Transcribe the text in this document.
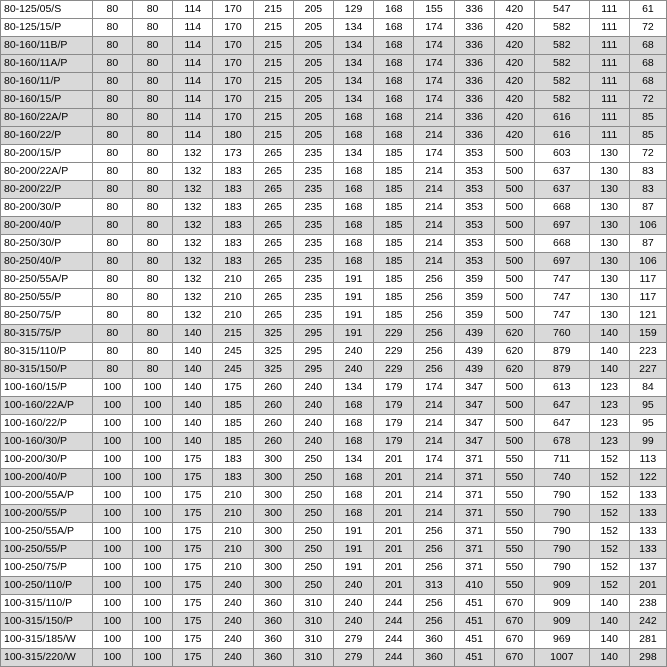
80-125/05/S	80	80	114	170	215	205	129	168	155	336	420	547	111	61
80-125/15/P	80	80	114	170	215	205	134	168	174	336	420	582	111	72
80-160/11B/P	80	80	114	170	215	205	134	168	174	336	420	582	111	68
80-160/11A/P	80	80	114	170	215	205	134	168	174	336	420	582	111	68
80-160/11/P	80	80	114	170	215	205	134	168	174	336	420	582	111	68
80-160/15/P	80	80	114	170	215	205	134	168	174	336	420	582	111	72
80-160/22A/P	80	80	114	170	215	205	168	168	214	336	420	616	111	85
80-160/22/P	80	80	114	180	215	205	168	168	214	336	420	616	111	85
80-200/15/P	80	80	132	173	265	235	134	185	174	353	500	603	130	72
80-200/22A/P	80	80	132	183	265	235	168	185	214	353	500	637	130	83
80-200/22/P	80	80	132	183	265	235	168	185	214	353	500	637	130	83
80-200/30/P	80	80	132	183	265	235	168	185	214	353	500	668	130	87
80-200/40/P	80	80	132	183	265	235	168	185	214	353	500	697	130	106
80-250/30/P	80	80	132	183	265	235	168	185	214	353	500	668	130	87
80-250/40/P	80	80	132	183	265	235	168	185	214	353	500	697	130	106
80-250/55A/P	80	80	132	210	265	235	191	185	256	359	500	747	130	117
80-250/55/P	80	80	132	210	265	235	191	185	256	359	500	747	130	117
80-250/75/P	80	80	132	210	265	235	191	185	256	359	500	747	130	121
80-315/75/P	80	80	140	215	325	295	191	229	256	439	620	760	140	159
80-315/110/P	80	80	140	245	325	295	240	229	256	439	620	879	140	223
80-315/150/P	80	80	140	245	325	295	240	229	256	439	620	879	140	227
100-160/15/P	100	100	140	175	260	240	134	179	174	347	500	613	123	84
100-160/22A/P	100	100	140	185	260	240	168	179	214	347	500	647	123	95
100-160/22/P	100	100	140	185	260	240	168	179	214	347	500	647	123	95
100-160/30/P	100	100	140	185	260	240	168	179	214	347	500	678	123	99
100-200/30/P	100	100	175	183	300	250	134	201	174	371	550	711	152	113
100-200/40/P	100	100	175	183	300	250	168	201	214	371	550	740	152	122
100-200/55A/P	100	100	175	210	300	250	168	201	214	371	550	790	152	133
100-200/55/P	100	100	175	210	300	250	168	201	214	371	550	790	152	133
100-250/55A/P	100	100	175	210	300	250	191	201	256	371	550	790	152	133
100-250/55/P	100	100	175	210	300	250	191	201	256	371	550	790	152	133
100-250/75/P	100	100	175	210	300	250	191	201	256	371	550	790	152	137
100-250/110/P	100	100	175	240	300	250	240	201	313	410	550	909	152	201
100-315/110/P	100	100	175	240	360	310	240	244	256	451	670	909	140	238
100-315/150/P	100	100	175	240	360	310	240	244	256	451	670	909	140	242
100-315/185/W	100	100	175	240	360	310	279	244	360	451	670	969	140	281
100-315/220/W	100	100	175	240	360	310	279	244	360	451	670	1007	140	298
